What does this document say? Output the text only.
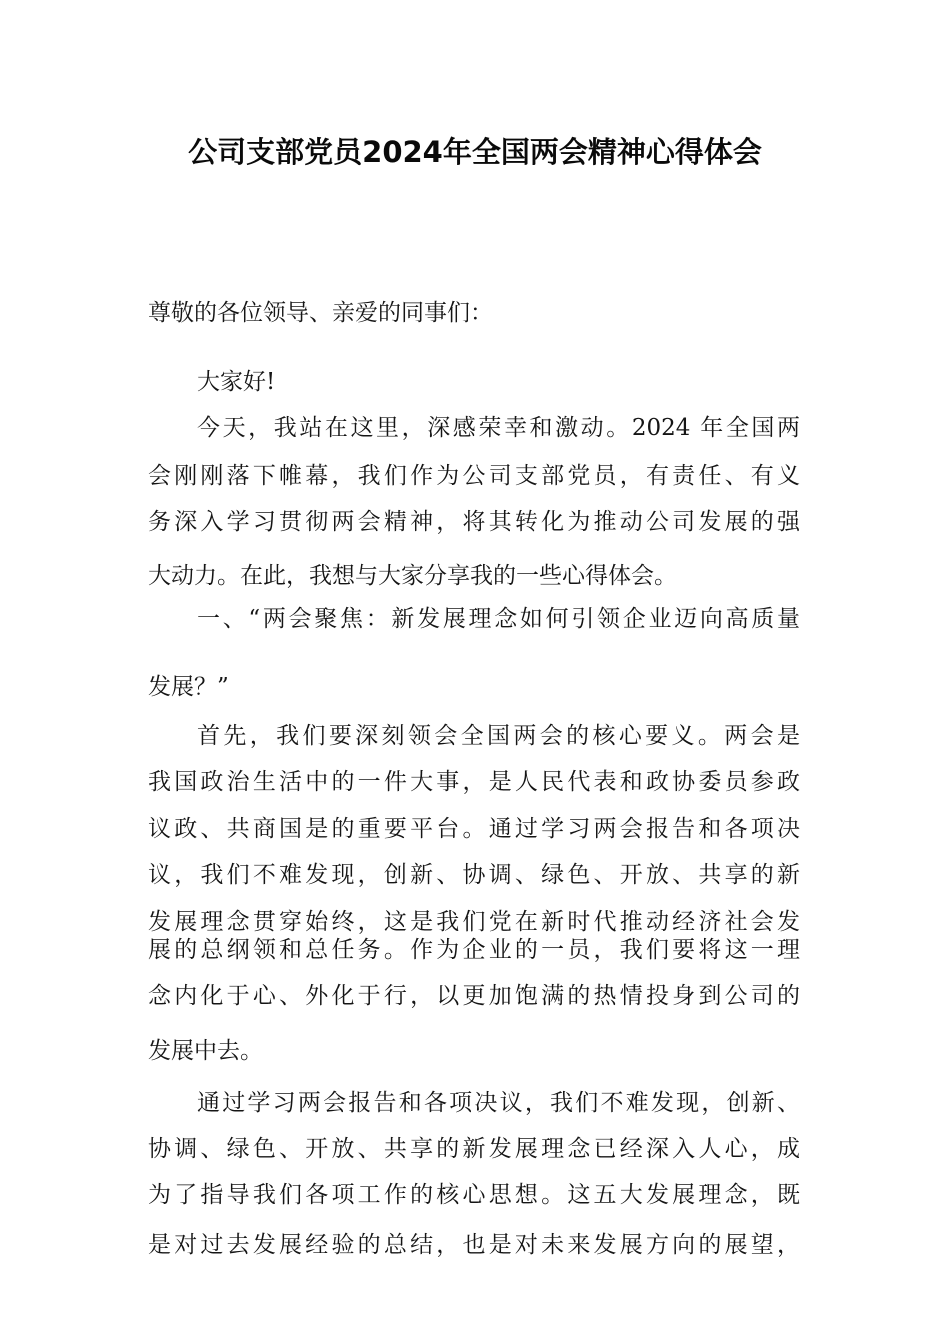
公司支部党员2024年全国两会精神心得体会
尊敬的各位领导、亲爱的同事们：
大家好!
今天，我站在这里，深感荣幸和激动。2024 年全国两
会刚刚落下帷幕，我们作为公司支部党员，有责任、有义
务深入学习贯彻两会精神，将其转化为推动公司发展的强
大动力。在此，我想与大家分享我的一些心得体会。
一、“两会聚焦：新发展理念如何引领企业迈向高质量
发展？”
首先，我们要深刻领会全国两会的核心要义。两会是
我国政治生活中的一件大事，是人民代表和政协委员参政
议政、共商国是的重要平台。通过学习两会报告和各项决
议，我们不难发现，创新、协调、绿色、开放、共享的新
发展理念贯穿始终，这是我们党在新时代推动经济社会发
展的总纲领和总任务。作为企业的一员，我们要将这一理
念内化于心、外化于行，以更加饱满的热情投身到公司的
发展中去。
通过学习两会报告和各项决议，我们不难发现，创新、
协调、绿色、开放、共享的新发展理念已经深入人心，成
为了指导我们各项工作的核心思想。这五大发展理念，既
是对过去发展经验的总结，也是对未来发展方向的展望，
